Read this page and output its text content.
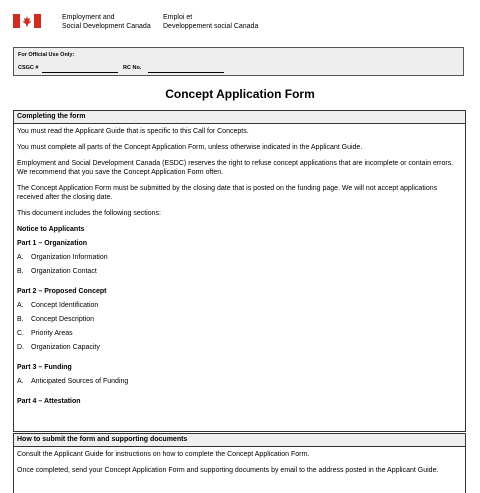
Employment and
Social Development Canada
Emploi et
Developpement social Canada
For Official Use Only:
CSGC #	RC No.
Concept Application Form
Completing the form

You must read the Applicant Guide that is specific to this Call for Concepts.

You must complete all parts of the Concept Application Form, unless otherwise indicated in the Applicant Guide.

Employment and Social Development Canada (ESDC) reserves the right to refuse concept applications that are incomplete or contain errors. We recommend that you save the Concept Application Form often.

The Concept Application Form must be submitted by the closing date that is posted on the funding page. We will not accept applications received after the closing date.

This document includes the following sections:

Notice to Applicants
Part 1 – Organization
A. Organization Information
B. Organization Contact
Part 2 – Proposed Concept
A. Concept Identification
B. Concept Description
C. Priority Areas
D. Organization Capacity
Part 3 – Funding
A. Anticipated Sources of Funding
Part 4 – Attestation
How to submit the form and supporting documents

Consult the Applicant Guide for instructions on how to complete the Concept Application Form.

Once completed, send your Concept Application Form and supporting documents by email to the address posted in the Applicant Guide.
